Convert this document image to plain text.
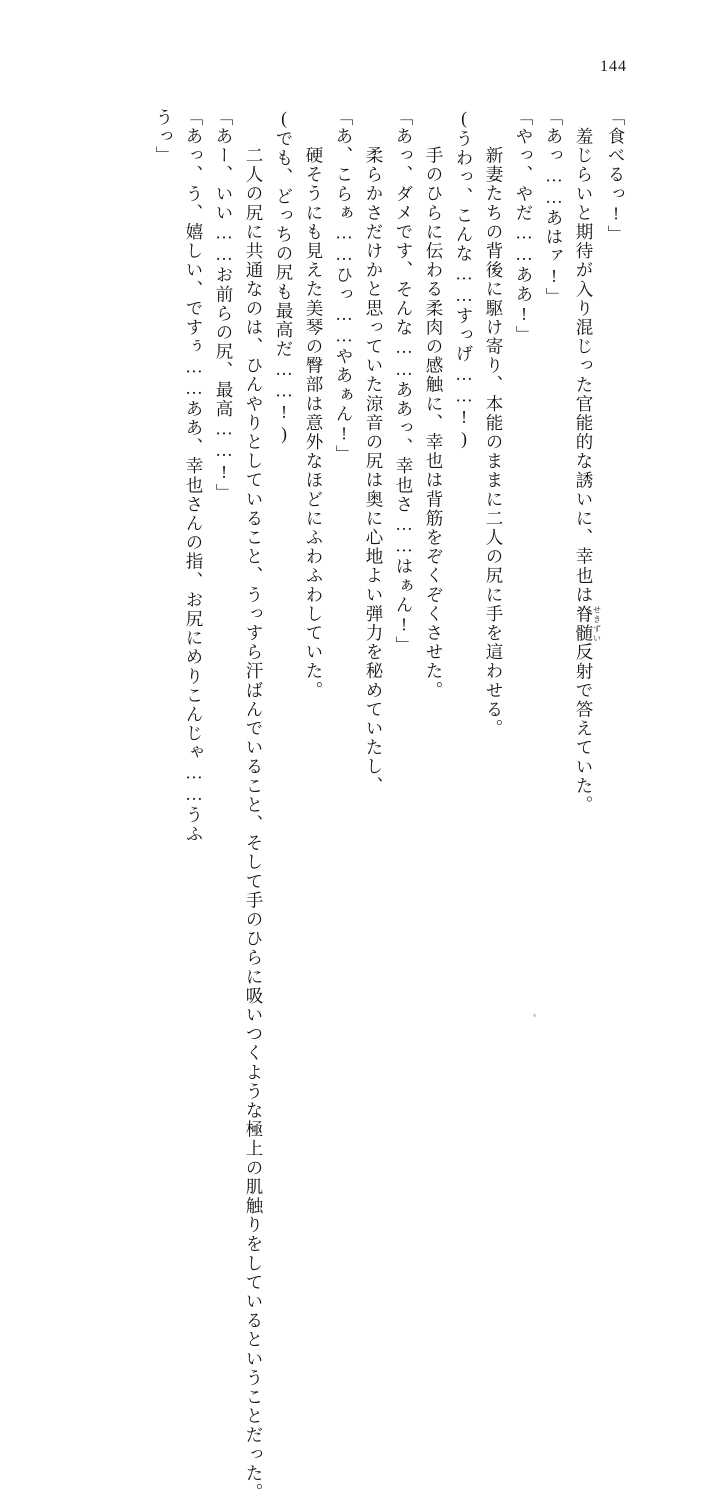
144
「食べるっ!」
　羞じらいと期待が入り混じった官能的な誘いに、幸也は脊髄せきずい反射で答えていた。
「あっ……あはァ!」
「やっ、やだ……ああ!」
　新妻たちの背後に駆け寄り、本能のままに二人の尻に手を這わせる。
(うわっ、こんな……すっげ……!)
　手のひらに伝わる柔肉の感触に、幸也は背筋をぞくぞくさせた。
「あっ、ダメです、そんな……ああっ、幸也さ……はぁん!」
　柔らかさだけかと思っていた涼音の尻は奥に心地よい弾力を秘めていたし、
「あ、こらぁ……ひっ……やあぁん!」
　硬そうにも見えた美琴の臀部は意外なほどにふわふわしていた。
(でも、どっちの尻も最高だ……!)
　二人の尻に共通なのは、ひんやりとしていること、うっすら汗ばんでいること、そして手のひらに吸いつくような極上の肌触りをしているということだった。
「あー、いい……お前らの尻、最高……!」
「あっ、う、嬉しい、ですぅ……ああ、幸也さんの指、お尻にめりこんじゃ……うふ
うっ」
